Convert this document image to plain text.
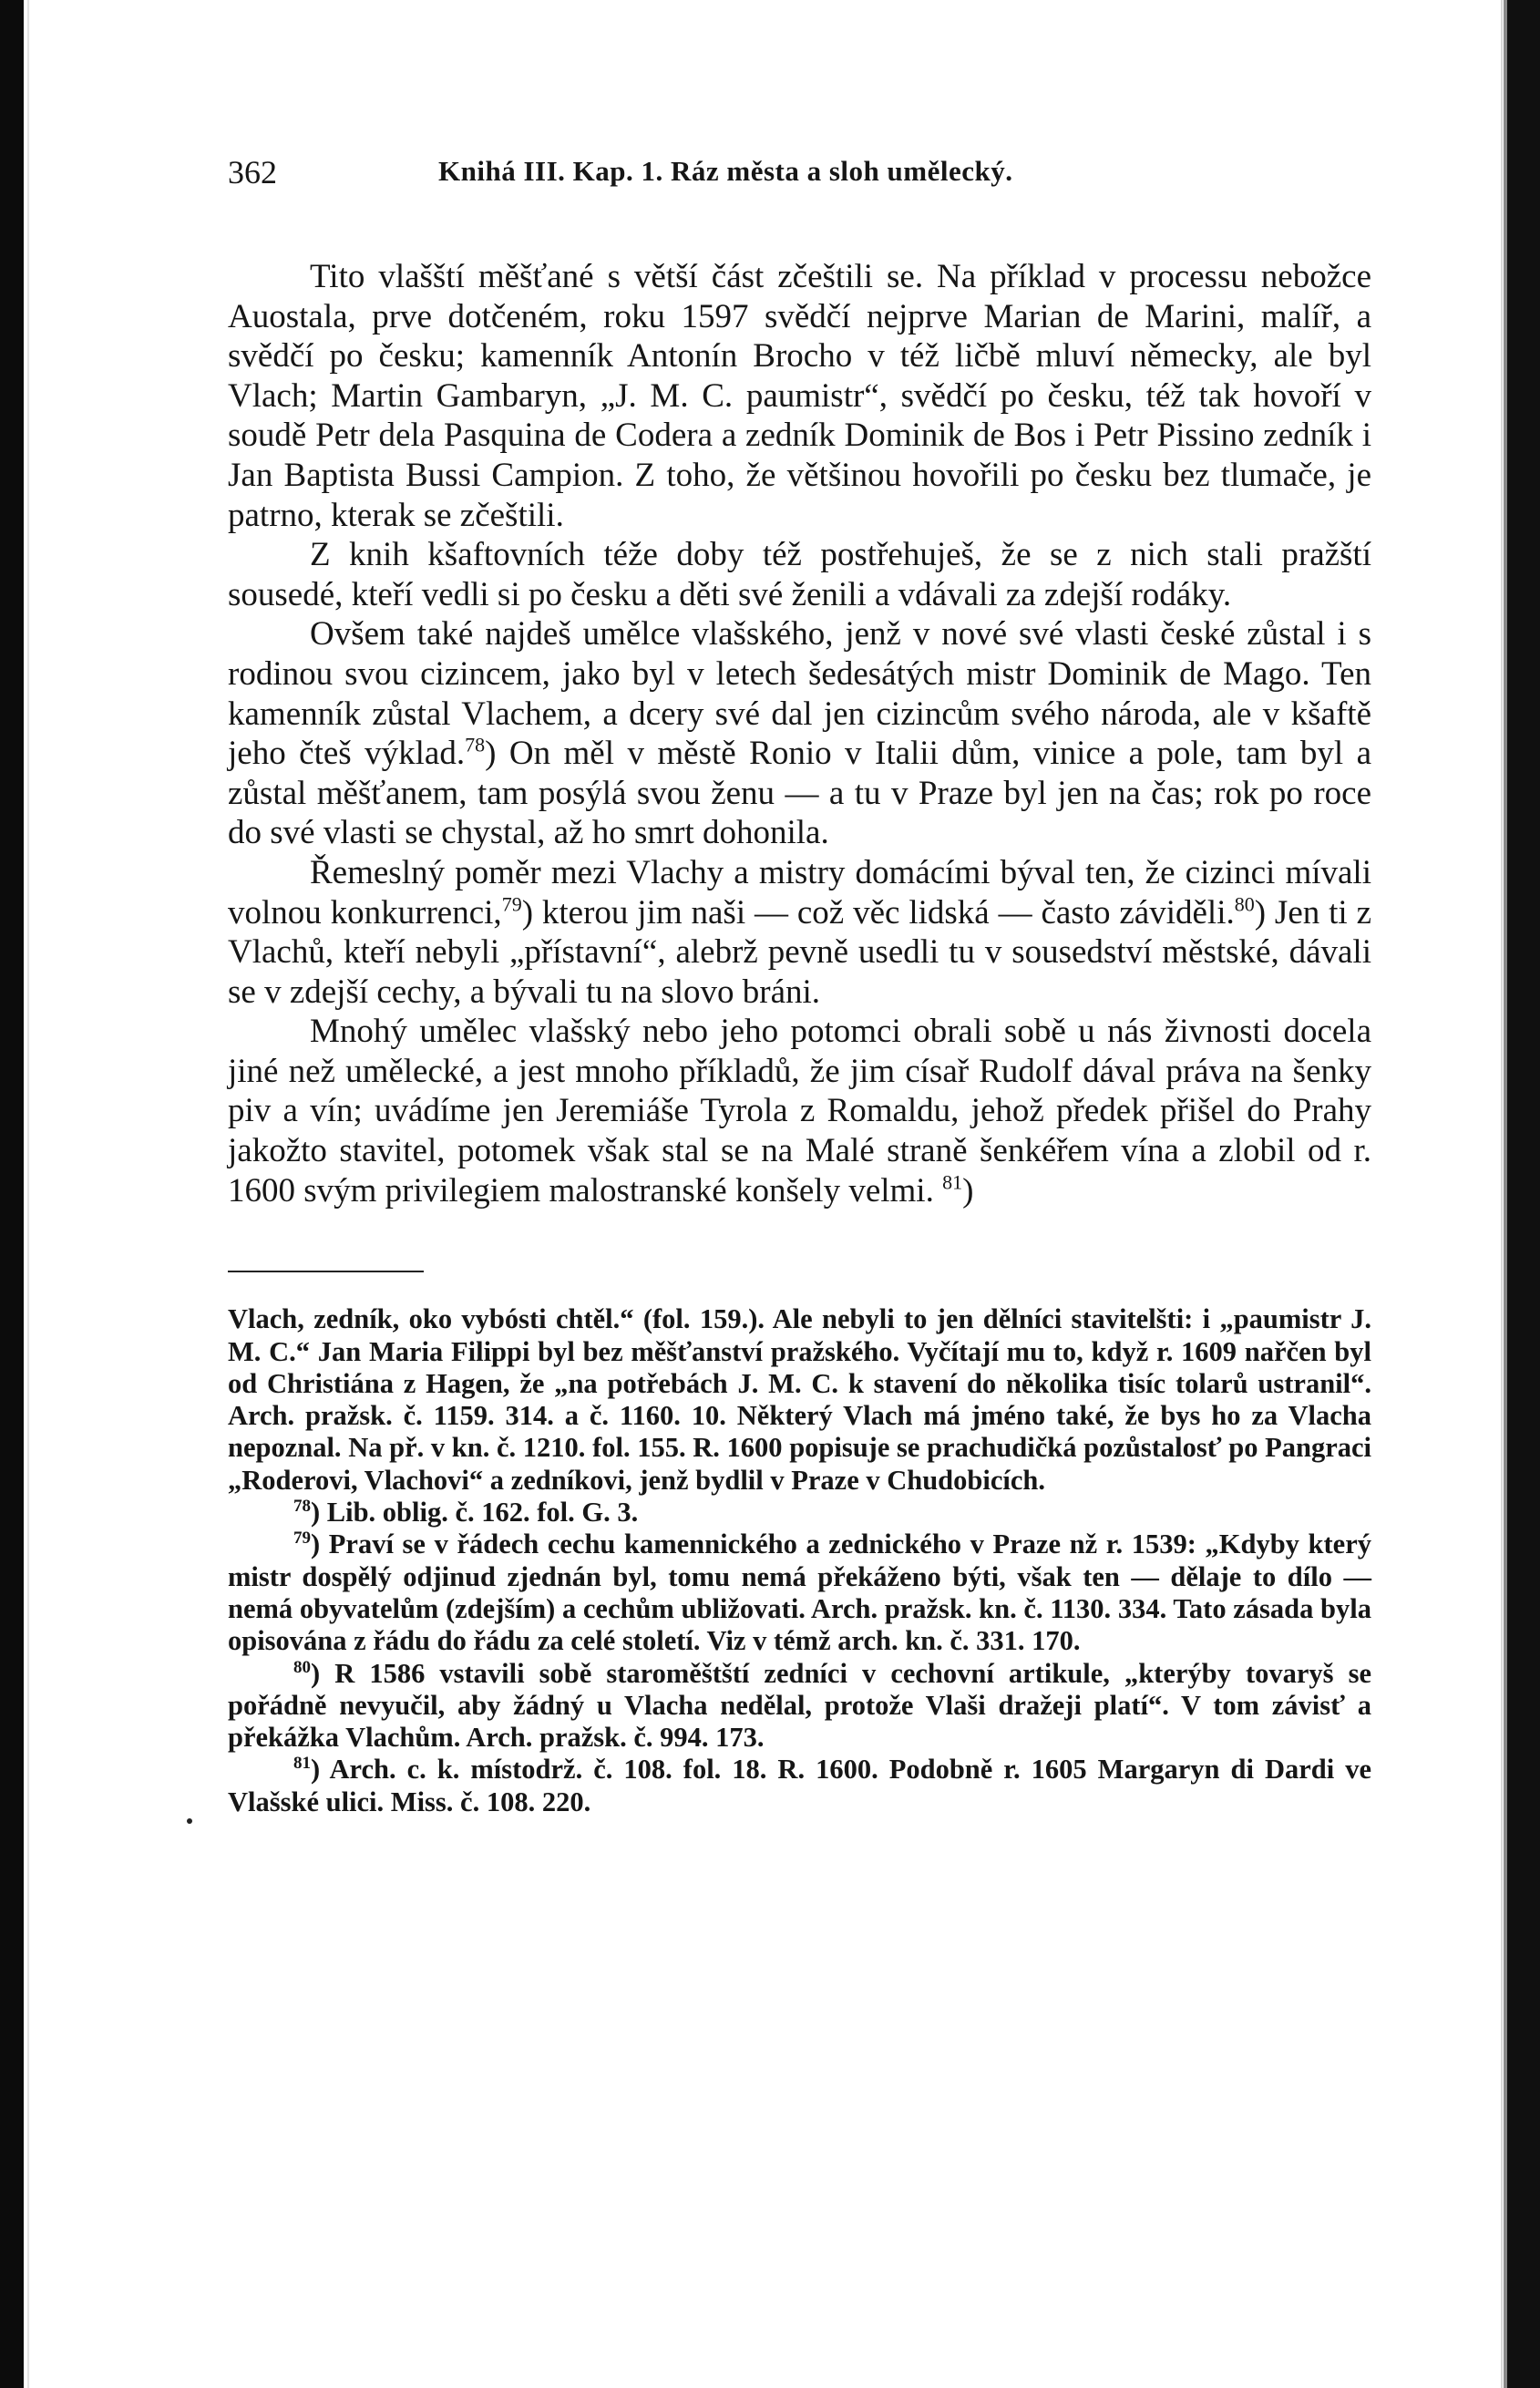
362	Knihá III. Kap. 1. Ráz města a sloh umělecký.

Tito vlašští měšťané s větší část zčeštili se. Na příklad v processu nebožce Auostala, prve dotčeném, roku 1597 svědčí nejprve Marian de Marini, malíř, a svědčí po česku; kamenník Antonín Brocho v též ličbě mluví německy, ale byl Vlach; Martin Gambaryn, „J. M. C. paumistr“, svědčí po česku, též tak hovoří v soudě Petr dela Pasquina de Codera a zedník Dominik de Bos i Petr Pissino zedník i Jan Baptista Bussi Campion. Z toho, že většinou hovořili po česku bez tlumače, je patrno, kterak se zčeštili.

Z knih kšaftovních téže doby též postřehuješ, že se z nich stali pražští sousedé, kteří vedli si po česku a děti své ženili a vdávali za zdejší rodáky.

Ovšem také najdeš umělce vlašského, jenž v nové své vlasti české zůstal i s rodinou svou cizincem, jako byl v letech šedesátých mistr Dominik de Mago. Ten kamenník zůstal Vlachem, a dcery své dal jen cizincům svého národa, ale v kšaftě jeho čteš výklad.$^{78}$) On měl v městě Ronio v Italii dům, vinice a pole, tam byl a zůstal měšťanem, tam posýlá svou ženu — a tu v Praze byl jen na čas; rok po roce do své vlasti se chystal, až ho smrt dohonila.

Řemeslný poměr mezi Vlachy a mistry domácími býval ten, že cizinci mívali volnou konkurrenci,$^{79}$) kterou jim naši — což věc lidská — často záviděli.$^{80}$) Jen ti z Vlachů, kteří nebyli „přístavní“, alebrž pevně usedli tu v sousedství městské, dávali se v zdejší cechy, a bývali tu na slovo bráni.

Mnohý umělec vlašský nebo jeho potomci obrali sobě u nás živnosti docela jiné než umělecké, a jest mnoho příkladů, že jim císař Rudolf dával práva na šenky piv a vín; uvádíme jen Jeremiáše Tyrola z Romaldu, jehož předek přišel do Prahy jakožto stavitel, potomek však stal se na Malé straně šenkéřem vína a zlobil od r. 1600 svým privilegiem malostranské konšely velmi. $^{81}$)

Vlach, zedník, oko vybósti chtěl.“ (fol. 159.). Ale nebyli to jen dělníci stavitelšti: i „paumistr J. M. C.“ Jan Maria Filippi byl bez měšťanství pražského. Vyčítají mu to, když r. 1609 nařčen byl od Christiána z Hagen, že „na potřebách J. M. C. k stavení do několika tisíc tolarů ustranil“. Arch. pražsk. č. 1159. 314. a č. 1160. 10. Některý Vlach má jméno také, že bys ho za Vlacha nepoznal. Na př. v kn. č. 1210. fol. 155. R. 1600 popisuje se prachudičká pozůstalosť po Pangraci „Roderovi, Vlachovi“ a zedníkovi, jenž bydlil v Praze v Chudobicích.

$^{78}$) Lib. oblig. č. 162. fol. G. 3.

$^{79}$) Praví se v řádech cechu kamennického a zednického v Praze nž r. 1539: „Kdyby který mistr dospělý odjinud zjednán byl, tomu nemá překáženo býti, však ten — dělaje to dílo — nemá obyvatelům (zdejším) a cechům ubližovati. Arch. pražsk. kn. č. 1130. 334. Tato zásada byla opisována z řádu do řádu za celé století. Viz v témž arch. kn. č. 331. 170.

$^{80}$) R 1586 vstavili sobě staroměštští zedníci v cechovní artikule, „kterýby tovaryš se pořádně nevyučil, aby žádný u Vlacha nedělal, protože Vlaši dražeji platí“. V tom závisť a překážka Vlachům. Arch. pražsk. č. 994. 173.

$^{81}$) Arch. c. k. místodrž. č. 108. fol. 18. R. 1600. Podobně r. 1605 Margaryn di Dardi ve Vlašské ulici. Miss. č. 108. 220.
